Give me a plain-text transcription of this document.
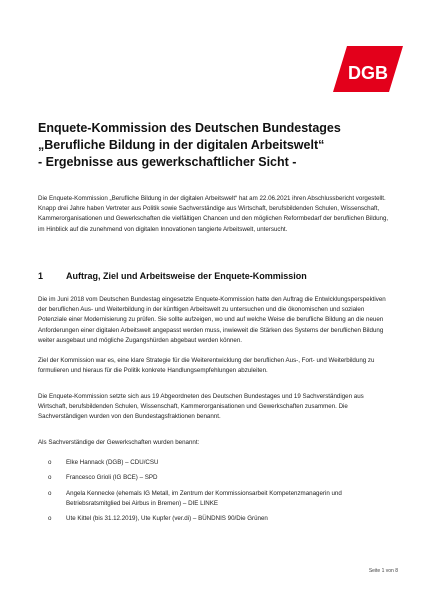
DGB
Enquete-Kommission des Deutschen Bundestages
„Berufliche Bildung in der digitalen Arbeitswelt“
- Ergebnisse aus gewerkschaftlicher Sicht -

Die Enquete-Kommission „Berufliche Bildung in der digitalen Arbeitswelt“ hat am 22.06.2021 ihren Abschlussbericht vorgestellt. Knapp drei Jahre haben Vertreter aus Politik sowie Sachverständige aus Wirtschaft, berufsbildenden Schulen, Wissenschaft, Kammerorganisationen und Gewerkschaften die vielfältigen Chancen und den möglichen Reformbedarf der beruflichen Bildung, im Hinblick auf die zunehmend von digitalen Innovationen tangierte Arbeitswelt, untersucht.

1	Auftrag, Ziel und Arbeitsweise der Enquete-Kommission

Die im Juni 2018 vom Deutschen Bundestag eingesetzte Enquete-Kommission hatte den Auftrag die Entwicklungsperspektiven der beruflichen Aus- und Weiterbildung in der künftigen Arbeitswelt zu untersuchen und die ökonomischen und sozialen Potenziale einer Modernisierung zu prüfen. Sie sollte aufzeigen, wo und auf welche Weise die berufliche Bildung an die neuen Anforderungen einer digitalen Arbeitswelt angepasst werden muss, inwieweit die Stärken des Systems der beruflichen Bildung weiter ausgebaut und mögliche Zugangshürden abgebaut werden können.

Ziel der Kommission war es, eine klare Strategie für die Weiterentwicklung der beruflichen Aus-, Fort- und Weiterbildung zu formulieren und hieraus für die Politik konkrete Handlungsempfehlungen abzuleiten.

Die Enquete-Kommission setzte sich aus 19 Abgeordneten des Deutschen Bundestages und 19 Sachverständigen aus Wirtschaft, berufsbildenden Schulen, Wissenschaft, Kammerorganisationen und Gewerkschaften zusammen. Die Sachverständigen wurden von den Bundestagsfraktionen benannt.

Als Sachverständige der Gewerkschaften wurden benannt:

o Elke Hannack (DGB) – CDU/CSU
o Francesco Grioli (IG BCE) – SPD
o Angela Kennecke (ehemals IG Metall, im Zentrum der Kommissionsarbeit Kompetenzmanagerin und Betriebsratsmitglied bei Airbus in Bremen) – DIE LINKE
o Ute Kittel (bis 31.12.2019), Ute Kupfer (ver.di) – BÜNDNIS 90/Die Grünen
Seite 1 von 8
